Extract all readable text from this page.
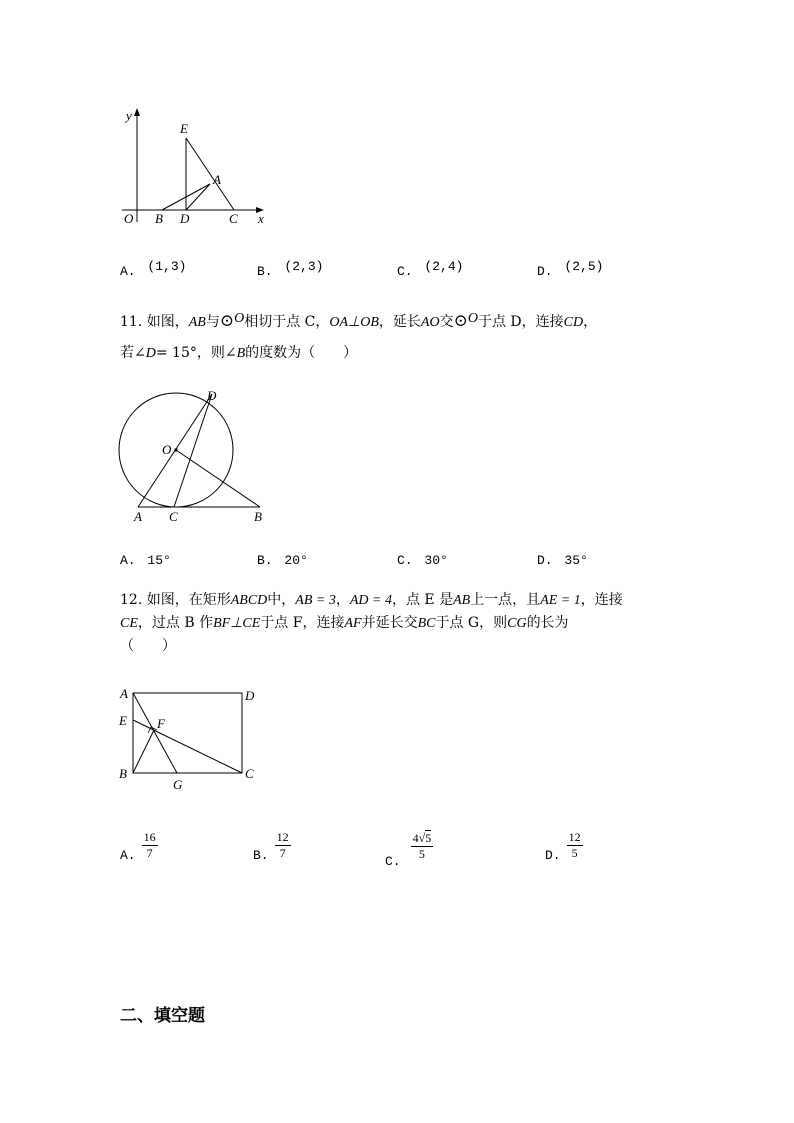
y
x
O B D	C
E
A
A. (1,3)	B. (2,3)	C. (2,4)	D. (2,5)
11. 如图，AB与⊙O相切于点 C，OA⊥OB，延长AO交⊙O于点 D，连接CD，
若∠D= 15°，则∠B的度数为（　　）
D
O
A C	B
A. 15°	B. 20°	C. 30°	D. 35°
12. 如图，在矩形ABCD中，AB = 3，AD = 4，点 E 是AB上一点，且AE = 1，连接
CE，过点 B 作BF⊥CE于点 F，连接AF并延长交BC于点 G，则CG的长为
（　　）
A	D
E F
B
G
C
A. $\frac{16}{7}$	B. $\frac{12}{7}$
C. $\frac{4√5}{5}$	D. $\frac{12}{5}$
二、填空题
